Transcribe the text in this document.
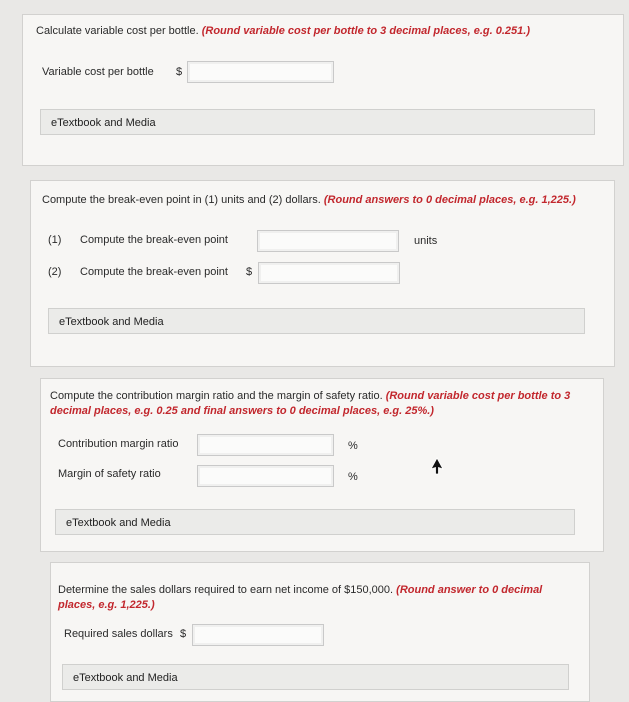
Calculate variable cost per bottle. (Round variable cost per bottle to 3 decimal places, e.g. 0.251.)
Variable cost per bottle $
eTextbook and Media
Compute the break-even point in (1) units and (2) dollars. (Round answers to 0 decimal places, e.g. 1,225.)
(1) Compute the break-even point	units
(2) Compute the break-even point $
eTextbook and Media
Compute the contribution margin ratio and the margin of safety ratio. (Round variable cost per bottle to 3 decimal places, e.g. 0.25 and final answers to 0 decimal places, e.g. 25%.)
Contribution margin ratio	%
Margin of safety ratio	%
eTextbook and Media
Determine the sales dollars required to earn net income of $150,000. (Round answer to 0 decimal places, e.g. 1,225.)
Required sales dollars $
eTextbook and Media
